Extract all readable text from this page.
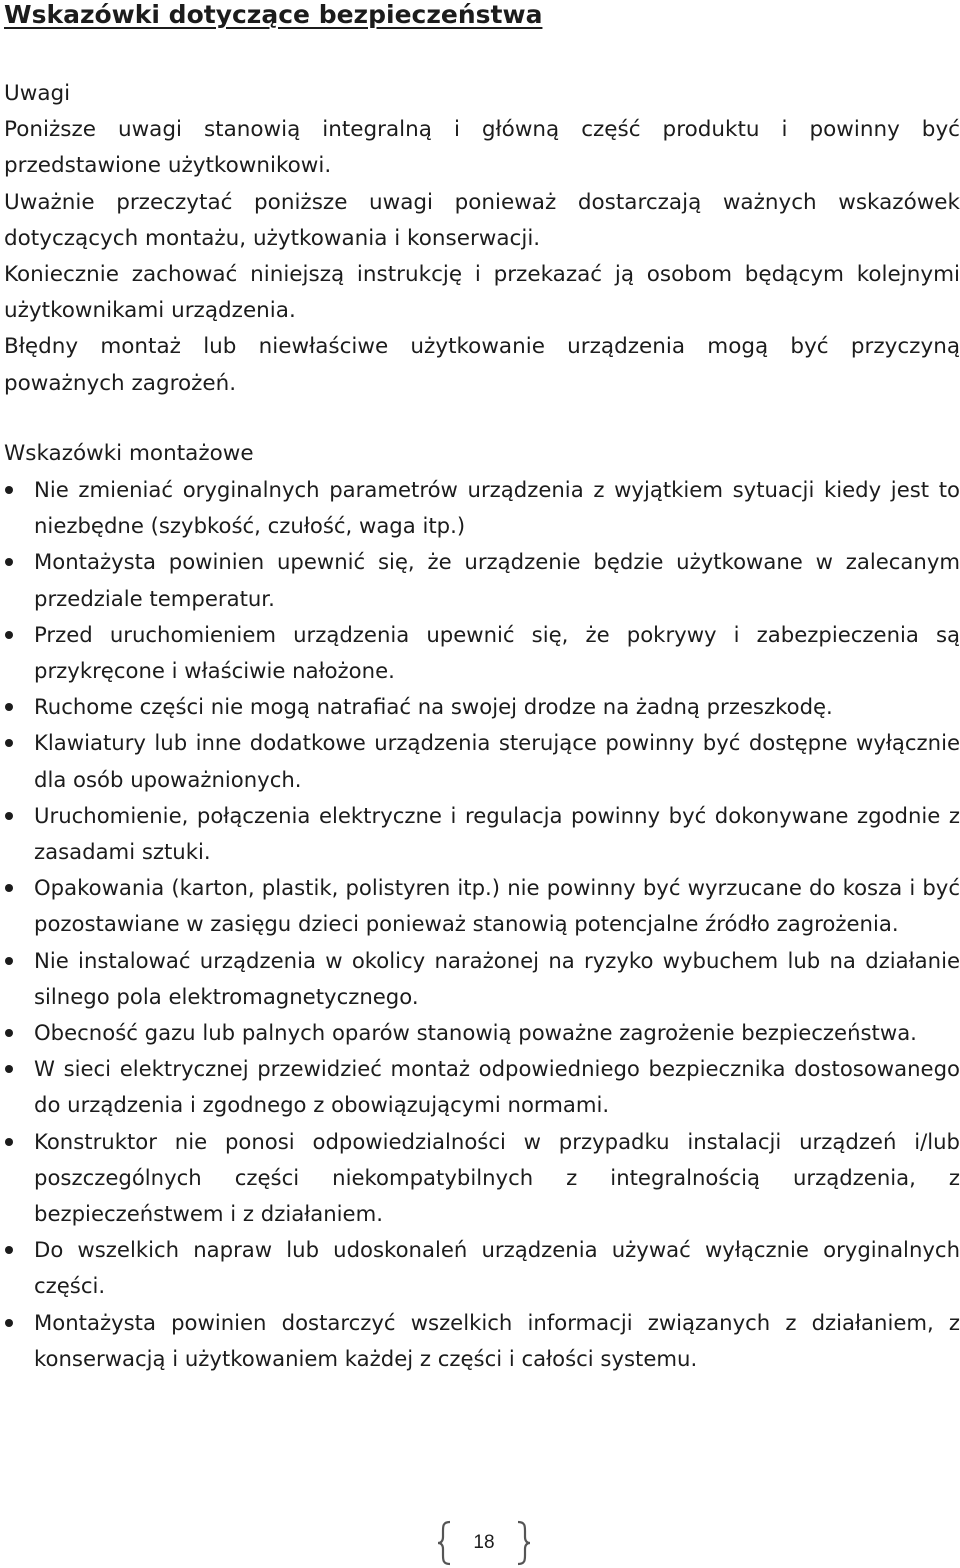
Wskazówki dotyczące bezpieczeństwa

Uwagi

Poniższe uwagi stanowią integralną i główną część produktu i powinny być przedstawione użytkownikowi.

Uważnie przeczytać poniższe uwagi ponieważ dostarczają ważnych wskazówek dotyczących montażu, użytkowania i konserwacji.

Koniecznie zachować niniejszą instrukcję i przekazać ją osobom będącym kolejnymi użytkownikami urządzenia.

Błędny montaż lub niewłaściwe użytkowanie urządzenia mogą być przyczyną poważnych zagrożeń.

Wskazówki montażowe

Nie zmieniać oryginalnych parametrów urządzenia z wyjątkiem sytuacji kiedy jest to niezbędne (szybkość, czułość, waga itp.)
Montażysta powinien upewnić się, że urządzenie będzie użytkowane w zalecanym przedziale temperatur.
Przed uruchomieniem urządzenia upewnić się, że pokrywy i zabezpieczenia są przykręcone i właściwie nałożone.
Ruchome części nie mogą natrafiać na swojej drodze na żadną przeszkodę.
Klawiatury lub inne dodatkowe urządzenia sterujące powinny być dostępne wyłącznie dla osób upoważnionych.
Uruchomienie, połączenia elektryczne i regulacja powinny być dokonywane zgodnie z zasadami sztuki.
Opakowania (karton, plastik, polistyren itp.) nie powinny być wyrzucane do kosza i być pozostawiane w zasięgu dzieci ponieważ stanowią potencjalne źródło zagrożenia.
Nie instalować urządzenia w okolicy narażonej na ryzyko wybuchem lub na działanie silnego pola elektromagnetycznego.
Obecność gazu lub palnych oparów stanowią poważne zagrożenie bezpieczeństwa.
W sieci elektrycznej przewidzieć montaż odpowiedniego bezpiecznika dostosowanego do urządzenia i zgodnego z obowiązującymi normami.
Konstruktor nie ponosi odpowiedzialności w przypadku instalacji urządzeń i/lub poszczególnych części niekompatybilnych z integralnością urządzenia, z bezpieczeństwem i z działaniem.
Do wszelkich napraw lub udoskonaleń urządzenia używać wyłącznie oryginalnych części.
Montażysta powinien dostarczyć wszelkich informacji związanych z działaniem, z konserwacją i użytkowaniem każdej z części i całości systemu.
18
